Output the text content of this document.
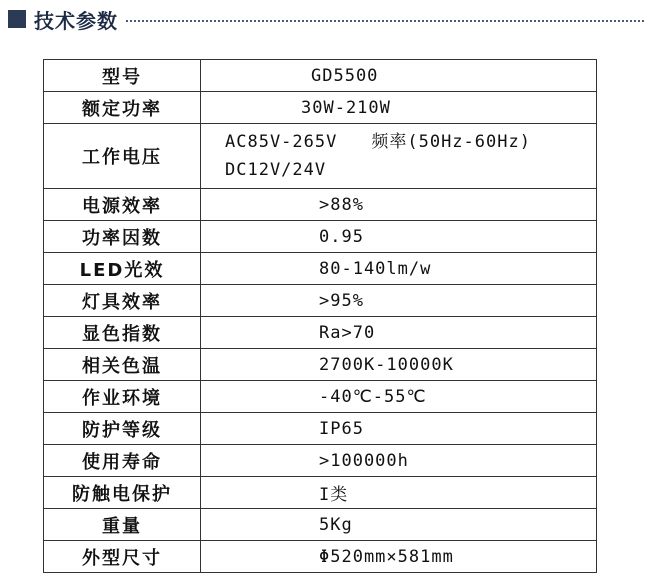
技术参数
型号	GD5500
额定功率	30W-210W
工作电压	AC85V-265V 频率(50Hz-60Hz)
DC12V/24V

电源效率	>88%
功率因数	0.95
LED光效	80-140lm/w
灯具效率	>95%
显色指数	Ra>70
相关色温	2700K-10000K
作业环境	-40℃-55℃
防护等级	IP65
使用寿命	>100000h
防触电保护	I类
重量	5Kg
外型尺寸	Φ520mm×581mm
